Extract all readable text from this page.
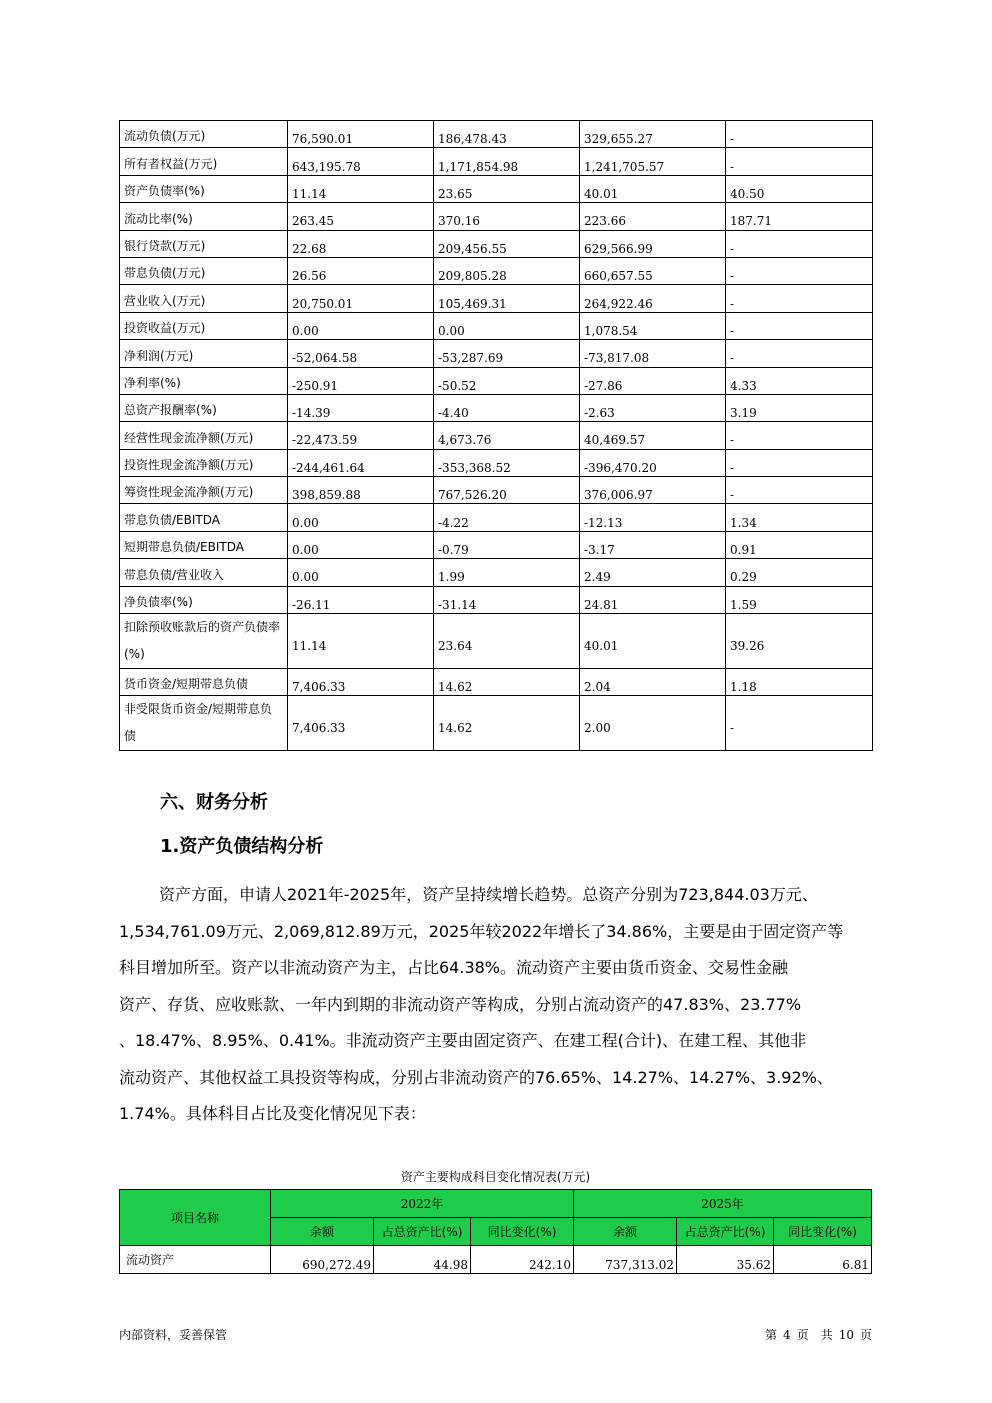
流动负债(万元)	76,590.01	186,478.43	329,655.27	-
所有者权益(万元)	643,195.78	1,171,854.98	1,241,705.57	-
资产负债率(%)	11.14	23.65	40.01	40.50
流动比率(%)	263.45	370.16	223.66	187.71
银行贷款(万元)	22.68	209,456.55	629,566.99	-
带息负债(万元)	26.56	209,805.28	660,657.55	-
营业收入(万元)	20,750.01	105,469.31	264,922.46	-
投资收益(万元)	0.00	0.00	1,078.54	-
净利润(万元)	-52,064.58	-53,287.69	-73,817.08	-
净利率(%)	-250.91	-50.52	-27.86	4.33
总资产报酬率(%)	-14.39	-4.40	-2.63	3.19
经营性现金流净额(万元)	-22,473.59	4,673.76	40,469.57	-
投资性现金流净额(万元)	-244,461.64	-353,368.52	-396,470.20	-
筹资性现金流净额(万元)	398,859.88	767,526.20	376,006.97	-
带息负债/EBITDA	0.00	-4.22	-12.13	1.34
短期带息负债/EBITDA	0.00	-0.79	-3.17	0.91
带息负债/营业收入	0.00	1.99	2.49	0.29
净负债率(%)	-26.11	-31.14	24.81	1.59
扣除预收账款后的资产负债率(%)	11.14	23.64	40.01	39.26
货币资金/短期带息负债	7,406.33	14.62	2.04	1.18
非受限货币资金/短期带息负债	7,406.33	14.62	2.00	-
六、财务分析
1.资产负债结构分析
资产方面，申请人2021年-2025年，资产呈持续增长趋势。总资产分别为723,844.03万元、
1,534,761.09万元、2,069,812.89万元，2025年较2022年增长了34.86%，主要是由于固定资产等
科目增加所至。资产以非流动资产为主，占比64.38%。流动资产主要由货币资金、交易性金融
资产、存货、应收账款、一年内到期的非流动资产等构成，分别占流动资产的47.83%、23.77%
、18.47%、8.95%、0.41%。非流动资产主要由固定资产、在建工程(合计)、在建工程、其他非
流动资产、其他权益工具投资等构成，分别占非流动资产的76.65%、14.27%、14.27%、3.92%、
1.74%。具体科目占比及变化情况见下表：
资产主要构成科目变化情况表(万元)
项目名称	2022年			2025年		
	余额	占总资产比(%)	同比变化(%)	余额	占总资产比(%)	同比变化(%)
流动资产	690,272.49	44.98	242.10	737,313.02	35.62	6.81
内部资料，妥善保管	第 4 页　共 10 页
